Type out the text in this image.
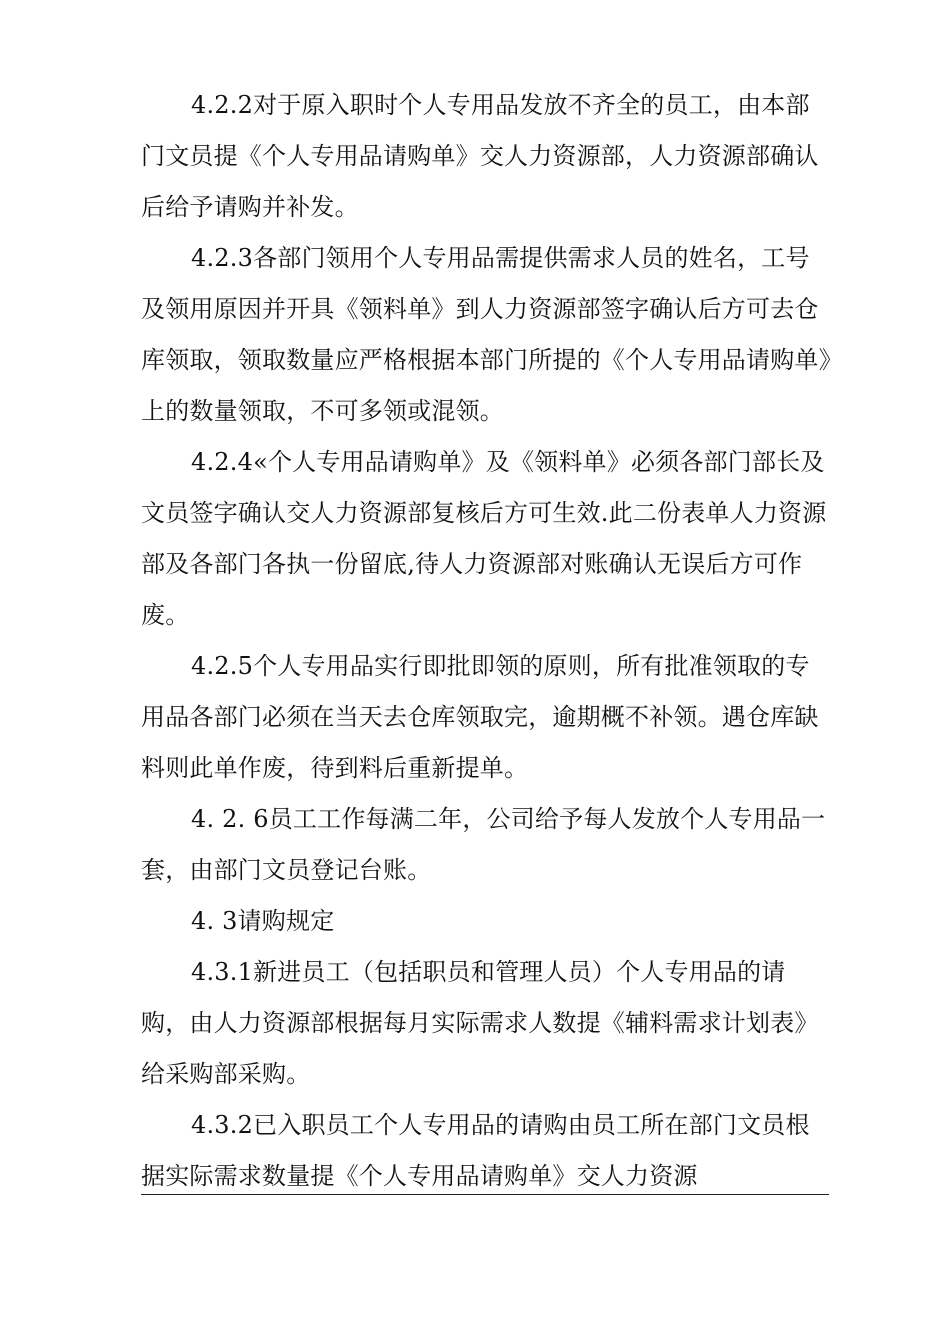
4.2.2对于原入职时个人专用品发放不齐全的员工，由本部门文员提《个人专用品请购单》交人力资源部，人力资源部确认后给予请购并补发。

4.2.3各部门领用个人专用品需提供需求人员的姓名，工号及领用原因并开具《领料单》到人力资源部签字确认后方可去仓库领取，领取数量应严格根据本部门所提的《个人专用品请购单》上的数量领取，不可多领或混领。

4.2.4«个人专用品请购单》及《领料单》必须各部门部长及文员签字确认交人力资源部复核后方可生效.此二份表单人力资源部及各部门各执一份留底,待人力资源部对账确认无误后方可作废。

4.2.5个人专用品实行即批即领的原则，所有批准领取的专用品各部门必须在当天去仓库领取完，逾期概不补领。遇仓库缺料则此单作废，待到料后重新提单。

4. 2. 6员工工作每满二年，公司给予每人发放个人专用品一套，由部门文员登记台账。

4. 3请购规定

4.3.1新进员工（包括职员和管理人员）个人专用品的请购，由人力资源部根据每月实际需求人数提《辅料需求计划表》给采购部采购。

4.3.2已入职员工个人专用品的请购由员工所在部门文员根据实际需求数量提《个人专用品请购单》交人力资源
